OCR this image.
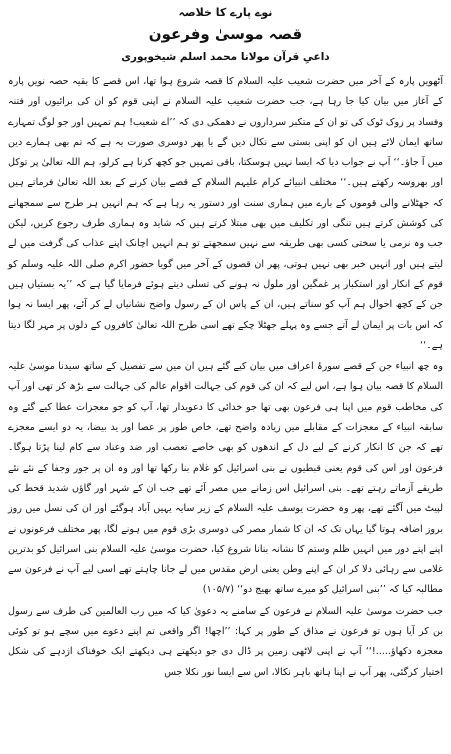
نوے پارے کا خلاصہ
قصہ موسیٰ وفرعون
داعیِ قرآن مولانا محمد اسلم شیخوپوری

آٹھویں پارہ کے آخر میں حضرت شعیب علیہ السلام کا قصہ شروع ہوا تھا، اس قصے کا بقیہ حصہ نویں پارہ کے آغاز میں بیان کیا جا رہا ہے، جب حضرت شعیب علیہ السلام نے اپنی قوم کو ان کی برائیوں اور فتنہ وفساد پر روک ٹوک کی تو ان کے متکبر سرداروں نے دھمکی دی کہ ’’اے شعیب! ہم تمہیں اور جو لوگ تمہارے ساتھ ایمان لائے ہیں ان کو اپنی بستی سے نکال دیں گے یا پھر دوسری صورت یہ ہے کہ تم بھی ہمارے دین میں آ جاؤ۔‘‘ آپ نے جواب دیا کہ ایسا نہیں ہوسکتا، باقی تمہیں جو کچھ کرنا ہے کرلو، ہم اللہ تعالیٰ پر توکل اور بھروسہ رکھتے ہیں۔‘‘ مختلف انبیائے کرام علیہم السلام کے قصے بیان کرنے کے بعد اللہ تعالیٰ فرماتے ہیں کہ جھٹلانے والی قوموں کے بارے میں ہماری سنت اور دستور یہ رہا ہے کہ ہم انہیں ہر طرح سے سمجھانے کی کوشش کرتے ہیں تنگی اور تکلیف میں بھی مبتلا کرتے ہیں کہ شاید وہ ہماری طرف رجوع کریں، لیکن جب وہ نرمی یا سختی کسی بھی طریقہ سے نہیں سمجھتے تو ہم انہیں اچانک اپنے عذاب کی گرفت میں لے لیتے ہیں اور انہیں خبر بھی نہیں ہوتی، پھر ان قصوں کے آخر میں گویا حضور اکرم صلی اللہ علیہ وسلم کو قوم کے انکار اور استکبار پر غمگین اور ملول نہ ہونے کی تسلی دیتے ہوئے فرمایا گیا ہے کہ ’’یہ بستیاں ہیں جن کے کچھ احوال ہم آپ کو سناتے ہیں، ان کے پاس ان کے رسول واضح نشانیاں لے کر آئے، پھر ایسا نہ ہوا کہ اس بات پر ایمان لے آتے جسے وہ پہلے جھٹلا چکے تھے اسی طرح اللہ تعالیٰ کافروں کے دلوں پر مہر لگا دیتا ہے۔‘‘

وہ چھ انبیاء جن کے قصے سورۂ اعراف میں بیان کیے گئے ہیں ان میں سے تفصیل کے ساتھ سیدنا موسیٰ علیہ السلام کا قصہ بیان ہوا ہے، اس لیے کہ ان کی قوم کی جہالت اقوام عالم کی جہالت سے بڑھ کر تھی اور آپ کی مخاطب قوم میں اپنا ہی فرعون بھی تھا جو خدائی کا دعویدار تھا، آپ کو جو معجزات عطا کیے گئے وہ سابقہ انبیاء کے معجزات کے مقابلے میں زیادہ واضح تھے، خاص طور پر عصا اور ید بیضا، یہ دو ایسے معجزے تھے کہ جن کا انکار کرنے کے لیے دل کے اندھوں کو بھی خاصے تعصب اور ضد وعناد سے کام لینا پڑتا ہوگا۔ فرعون اور اس کی قوم یعنی قبطیوں نے بنی اسرائیل کو غلام بنا رکھا تھا اور وہ ان پر جور وجفا کے نئے نئے طریقے آزماتے رہتے تھے۔ بنی اسرائیل اس زمانے میں مصر آئے تھے جب ان کے شہر اور گاؤں شدید قحط کی لپیٹ میں آگئے تھے، پھر وہ حضرت یوسف علیہ السلام کے زیر سایہ یہیں آباد ہوگئے اور ان کی نسل میں روز بروز اضافہ ہوتا گیا یہاں تک کہ ان کا شمار مصر کی دوسری بڑی قوم میں ہونے لگا، پھر مختلف فرعونوں نے اپنے اپنے دور میں انہیں ظلم وستم کا نشانہ بنانا شروع کیا، حضرت موسیٰ علیہ السلام بنی اسرائیل کو بدترین غلامی سے رہائی دلا کر ان کے اپنے وطن یعنی ارض مقدس میں لے جانا چاہتے تھے اسی لیے آپ نے فرعون سے مطالبہ کیا کہ ’’بنی اسرائیل کو میرے ساتھ بھیج دو‘‘ (۱۰۵/۷)

جب حضرت موسیٰ علیہ السلام نے فرعون کے سامنے یہ دعویٰ کیا کہ میں رب العالمین کی طرف سے رسول بن کر آیا ہوں تو فرعون نے مذاق کے طور پر کہا: ’’اچھا! اگر واقعی تم اپنے دعوے میں سچے ہو تو کوئی معجزہ دکھاؤ.....!‘‘ آپ نے اپنی لاٹھی زمین پر ڈال دی جو دیکھتے ہی دیکھتے ایک خوفناک اژدہے کی شکل اختیار کرگئی، پھر آپ نے اپنا ہاتھ باہر نکالا، اس سے ایسا نور نکلا جس
